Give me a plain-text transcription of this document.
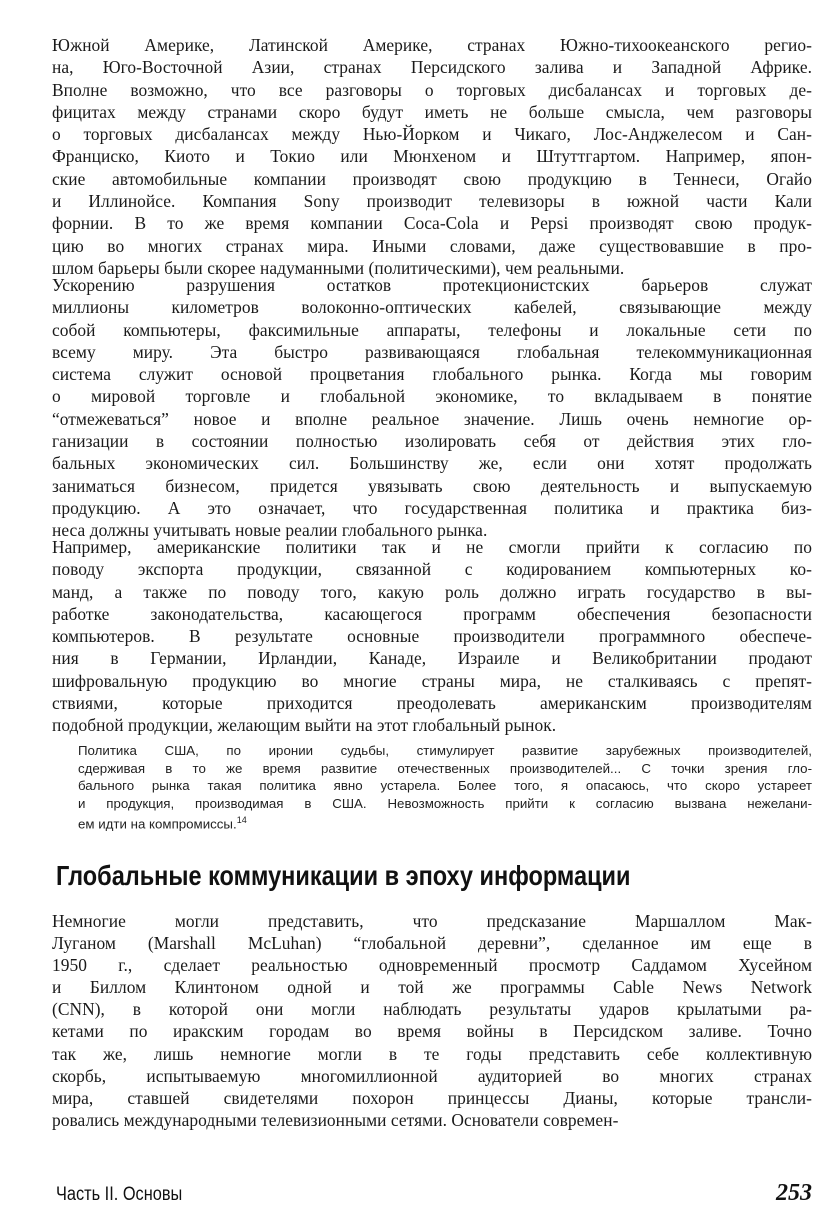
Южной Америке, Латинской Америке, странах Южно-тихоокеанского регио-
на, Юго-Восточной Азии, странах Персидского залива и Западной Африке.
Вполне возможно, что все разговоры о торговых дисбалансах и торговых де-
фицитах между странами скоро будут иметь не больше смысла, чем разговоры
о торговых дисбалансах между Нью-Йорком и Чикаго, Лос-Анджелесом и Сан-
Франциско, Киото и Токио или Мюнхеном и Штуттгартом. Например, япон-
ские автомобильные компании производят свою продукцию в Теннеси, Огайо
и Иллинойсе. Компания Sony производит телевизоры в южной части Кали
форнии. В то же время компании Coca-Cola и Pepsi производят свою продук-
цию во многих странах мира. Иными словами, даже существовавшие в про-
шлом барьеры были скорее надуманными (политическими), чем реальными.
Ускорению разрушения остатков протекционистских барьеров служат
миллионы километров волоконно-оптических кабелей, связывающие между
собой компьютеры, факсимильные аппараты, телефоны и локальные сети по
всему миру. Эта быстро развивающаяся глобальная телекоммуникационная
система служит основой процветания глобального рынка. Когда мы говорим
о мировой торговле и глобальной экономике, то вкладываем в понятие
“отмежеваться” новое и вполне реальное значение. Лишь очень немногие ор-
ганизации в состоянии полностью изолировать себя от действия этих гло-
бальных экономических сил. Большинству же, если они хотят продолжать
заниматься бизнесом, придется увязывать свою деятельность и выпускаемую
продукцию. А это означает, что государственная политика и практика биз-
неса должны учитывать новые реалии глобального рынка.
Например, американские политики так и не смогли прийти к согласию по
поводу экспорта продукции, связанной с кодированием компьютерных ко-
манд, а также по поводу того, какую роль должно играть государство в вы-
работке законодательства, касающегося программ обеспечения безопасности
компьютеров. В результате основные производители программного обеспече-
ния в Германии, Ирландии, Канаде, Израиле и Великобритании продают
шифровальную продукцию во многие страны мира, не сталкиваясь с препят-
ствиями, которые приходится преодолевать американским производителям
подобной продукции, желающим выйти на этот глобальный рынок.
Политика США, по иронии судьбы, стимулирует развитие зарубежных производителей,
сдерживая в то же время развитие отечественных производителей... С точки зрения гло-
бального рынка такая политика явно устарела. Более того, я опасаюсь, что скоро устареет
и продукция, производимая в США. Невозможность прийти к согласию вызвана нежелани-
ем идти на компромиссы.$^{14}$
Глобальные коммуникации в эпоху информации
Немногие могли представить, что предсказание Маршаллом Мак-
Луганом (Marshall McLuhan) “глобальной деревни”, сделанное им еще в
1950 г., сделает реальностью одновременный просмотр Саддамом Хусейном
и Биллом Клинтоном одной и той же программы Cable News Network
(CNN), в которой они могли наблюдать результаты ударов крылатыми ра-
кетами по иракским городам во время войны в Персидском заливе. Точно
так же, лишь немногие могли в те годы представить себе коллективную
скорбь, испытываемую многомиллионной аудиторией во многих странах
мира, ставшей свидетелями похорон принцессы Дианы, которые трансли-
ровались международными телевизионными сетями. Основатели современ-
Часть II. Основы	253
